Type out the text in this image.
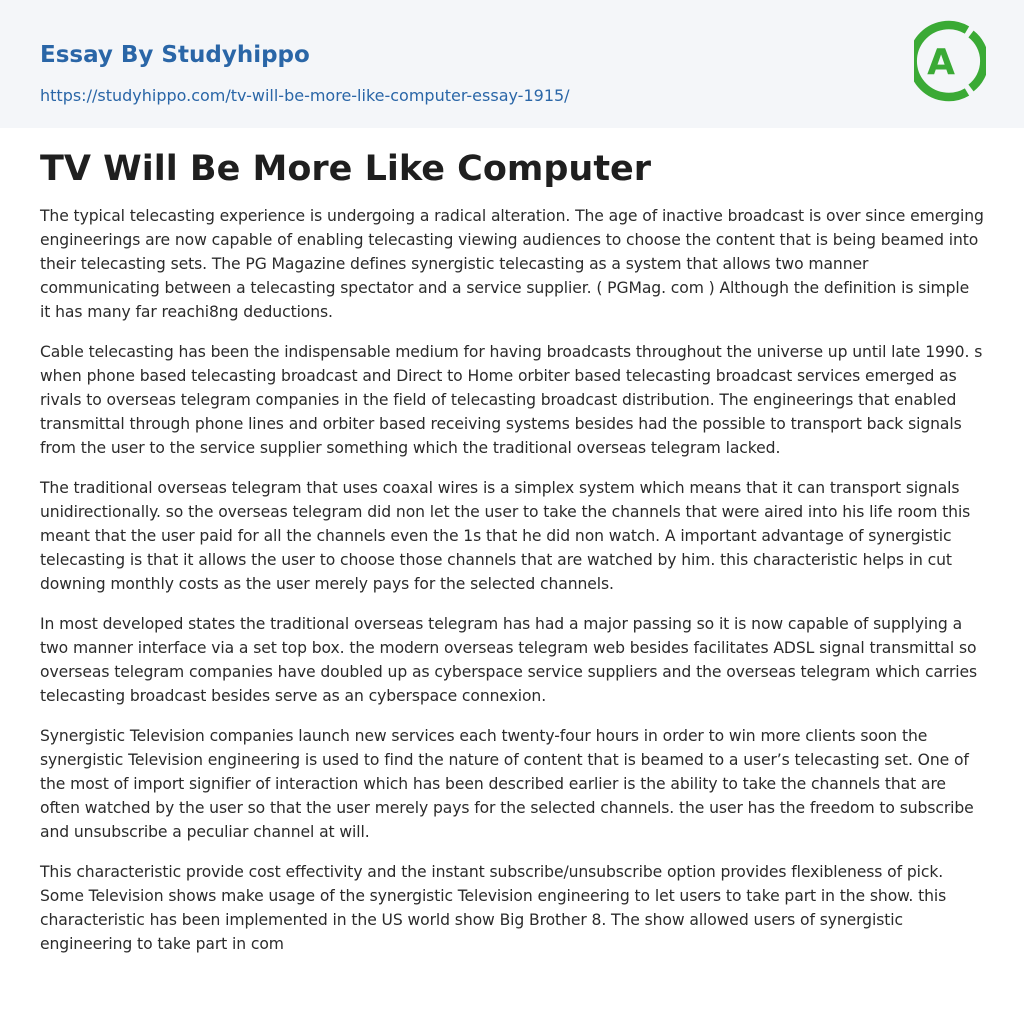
Essay By Studyhippo
https://studyhippo.com/tv-will-be-more-like-computer-essay-1915/
A
TV Will Be More Like Computer

The typical telecasting experience is undergoing a radical alteration. The age of inactive broadcast is over since emerging engineerings are now capable of enabling telecasting viewing audiences to choose the content that is being beamed into their telecasting sets. The PG Magazine defines synergistic telecasting as a system that allows two manner communicating between a telecasting spectator and a service supplier. ( PGMag. com ) Although the definition is simple it has many far reachi8ng deductions.

Cable telecasting has been the indispensable medium for having broadcasts throughout the universe up until late 1990. s when phone based telecasting broadcast and Direct to Home orbiter based telecasting broadcast services emerged as rivals to overseas telegram companies in the field of telecasting broadcast distribution. The engineerings that enabled transmittal through phone lines and orbiter based receiving systems besides had the possible to transport back signals from the user to the service supplier something which the traditional overseas telegram lacked.

The traditional overseas telegram that uses coaxal wires is a simplex system which means that it can transport signals unidirectionally. so the overseas telegram did non let the user to take the channels that were aired into his life room this meant that the user paid for all the channels even the 1s that he did non watch. A important advantage of synergistic telecasting is that it allows the user to choose those channels that are watched by him. this characteristic helps in cut downing monthly costs as the user merely pays for the selected channels.

In most developed states the traditional overseas telegram has had a major passing so it is now capable of supplying a two manner interface via a set top box. the modern overseas telegram web besides facilitates ADSL signal transmittal so overseas telegram companies have doubled up as cyberspace service suppliers and the overseas telegram which carries telecasting broadcast besides serve as an cyberspace connexion.

Synergistic Television companies launch new services each twenty-four hours in order to win more clients soon the synergistic Television engineering is used to find the nature of content that is beamed to a user’s telecasting set. One of the most of import signifier of interaction which has been described earlier is the ability to take the channels that are often watched by the user so that the user merely pays for the selected channels. the user has the freedom to subscribe and unsubscribe a peculiar channel at will.

This characteristic provide cost effectivity and the instant subscribe/unsubscribe option provides flexibleness of pick. Some Television shows make usage of the synergistic Television engineering to let users to take part in the show. this characteristic has been implemented in the US world show Big Brother 8. The show allowed users of synergistic engineering to take part in com
